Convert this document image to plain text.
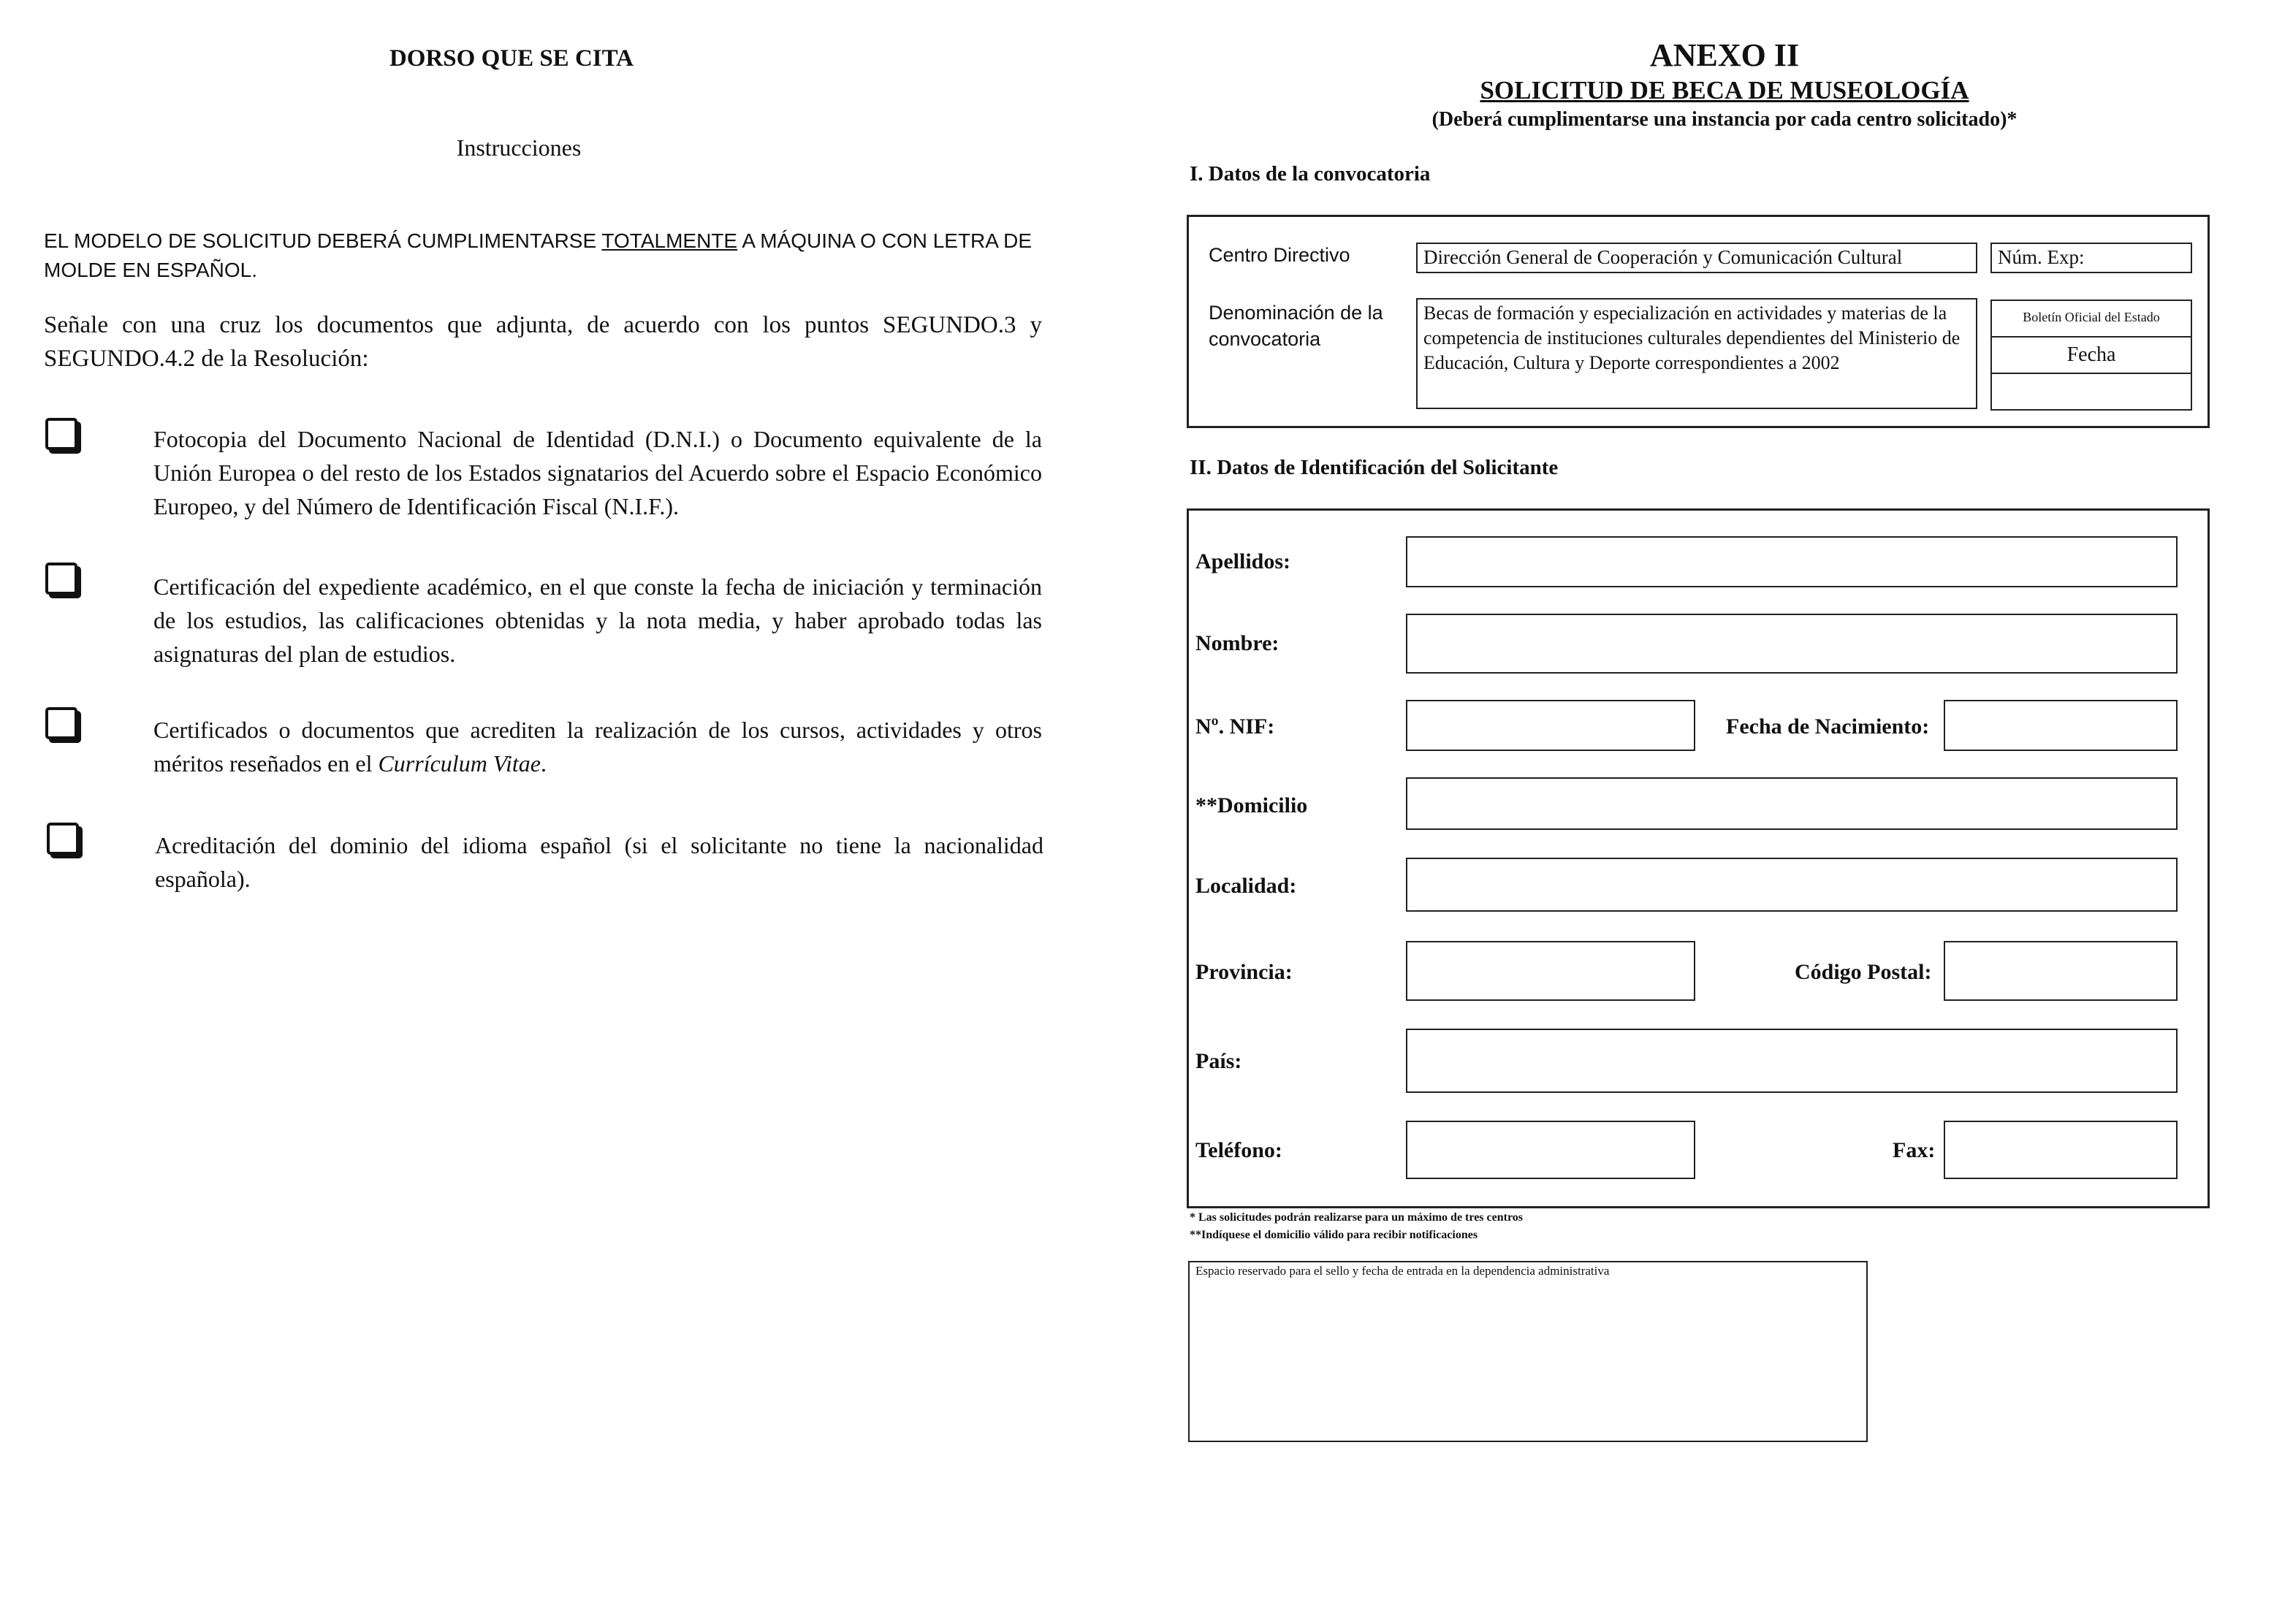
DORSO QUE SE CITA
Instrucciones
EL MODELO DE SOLICITUD DEBERÁ CUMPLIMENTARSE TOTALMENTE A MÁQUINA O CON LETRA DE
MOLDE EN ESPAÑOL.
Señale con una cruz los documentos que adjunta, de acuerdo con los puntos SEGUNDO.3 y SEGUNDO.4.2 de la Resolución:
Fotocopia del Documento Nacional de Identidad (D.N.I.) o Documento equivalente de la Unión Europea o del resto de los Estados signatarios del Acuerdo sobre el Espacio Económico Europeo, y del Número de Identificación Fiscal (N.I.F.).
Certificación del expediente académico, en el que conste la fecha de iniciación y terminación de los estudios, las calificaciones obtenidas y la nota media, y haber aprobado todas las asignaturas del plan de estudios.
Certificados o documentos que acrediten la realización de los cursos, actividades y otros méritos reseñados en el Currículum Vitae.
Acreditación del dominio del idioma español (si el solicitante no tiene la nacionalidad española).
ANEXO II
SOLICITUD DE BECA DE MUSEOLOGÍA
(Deberá cumplimentarse una instancia por cada centro solicitado)*
I. Datos de la convocatoria
Centro Directivo	Dirección General de Cooperación y Comunicación Cultural	Núm. Exp:
Denominación de la convocatoria
Becas de formación y especialización en actividades y materias de la competencia de instituciones culturales dependientes del Ministerio de Educación, Cultura y Deporte correspondientes a 2002
Boletín Oficial del Estado
Fecha
II. Datos de Identificación del Solicitante
Apellidos:
Nombre:
Nº. NIF:	Fecha de Nacimiento:
**Domicilio
Localidad:
Provincia:	Código Postal:
País:
Teléfono:	Fax:
* Las solicitudes podrán realizarse para un máximo de tres centros
**Indíquese el domicilio válido para recibir notificaciones
Espacio reservado para el sello y fecha de entrada en la dependencia administrativa
